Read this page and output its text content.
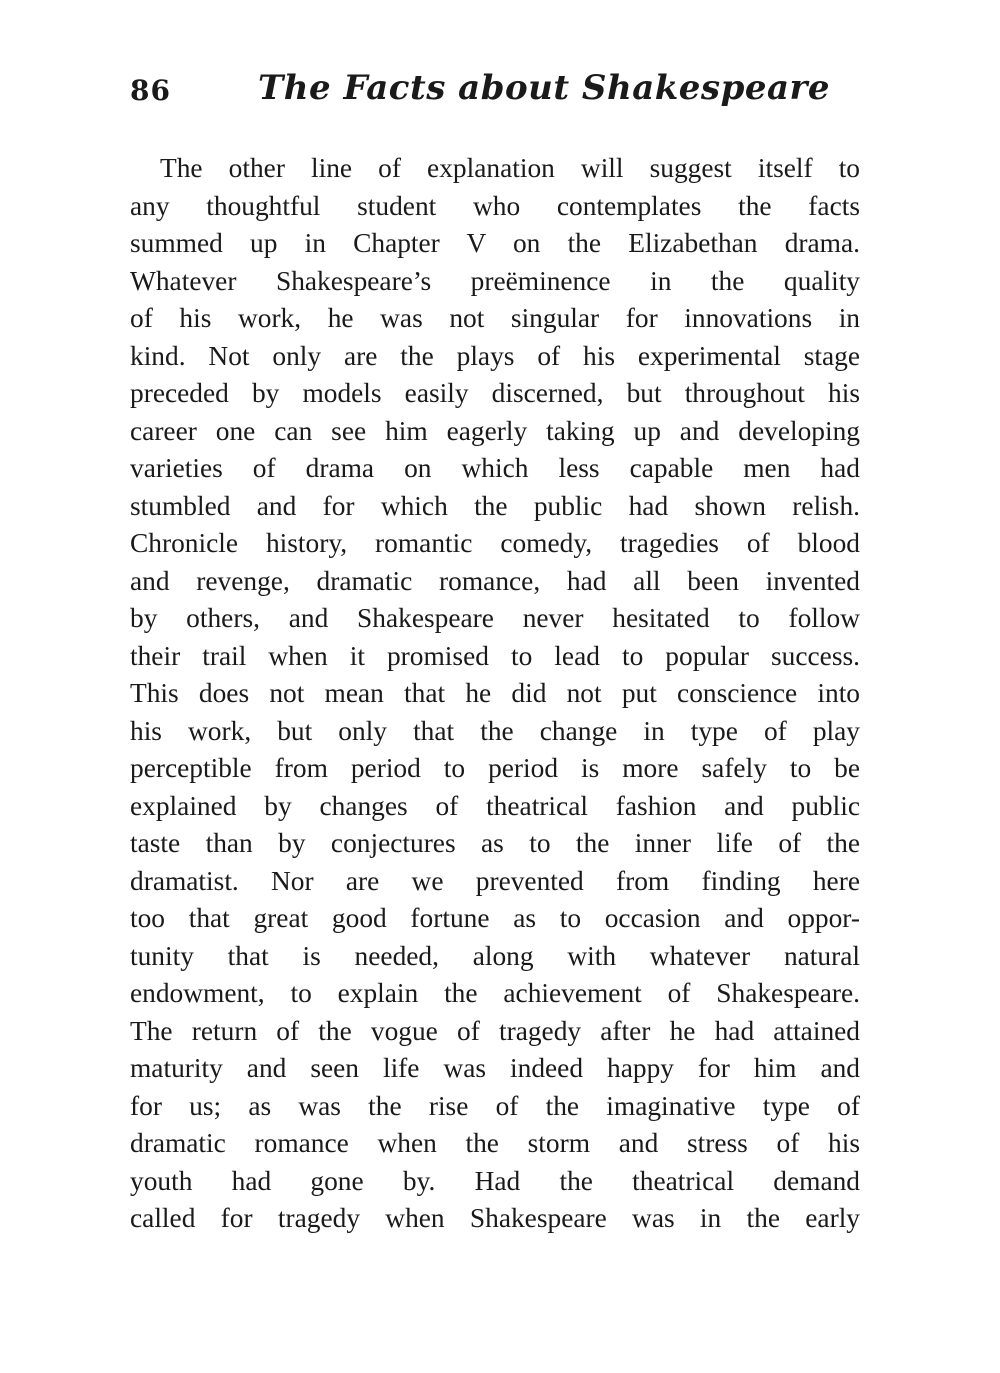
86	The Facts about Shakespeare
The other line of explanation will suggest itself to
any thoughtful student who contemplates the facts
summed up in Chapter V on the Elizabethan drama.
Whatever Shakespeare’s preëminence in the quality
of his work, he was not singular for innovations in
kind. Not only are the plays of his experimental stage
preceded by models easily discerned, but throughout his
career one can see him eagerly taking up and developing
varieties of drama on which less capable men had
stumbled and for which the public had shown relish.
Chronicle history, romantic comedy, tragedies of blood
and revenge, dramatic romance, had all been invented
by others, and Shakespeare never hesitated to follow
their trail when it promised to lead to popular success.
This does not mean that he did not put conscience into
his work, but only that the change in type of play
perceptible from period to period is more safely to be
explained by changes of theatrical fashion and public
taste than by conjectures as to the inner life of the
dramatist. Nor are we prevented from finding here
too that great good fortune as to occasion and oppor-
tunity that is needed, along with whatever natural
endowment, to explain the achievement of Shakespeare.
The return of the vogue of tragedy after he had attained
maturity and seen life was indeed happy for him and
for us; as was the rise of the imaginative type of
dramatic romance when the storm and stress of his
youth had gone by. Had the theatrical demand
called for tragedy when Shakespeare was in the early
